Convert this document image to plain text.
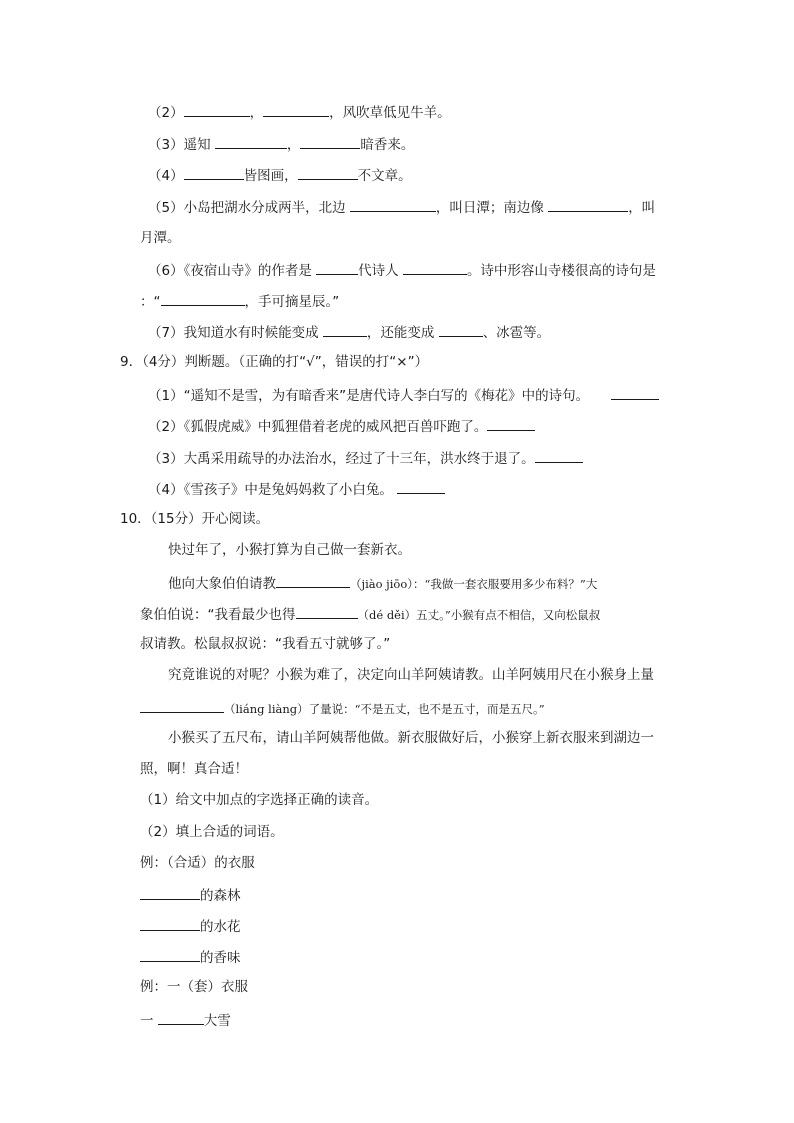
（2）	，	，风吹草低见牛羊。
（3）遥知	，	暗香来。
（4）	皆图画，	不文章。
（5）小岛把湖水分成两半，北边	，叫日潭；南边像	，叫
月潭。
（6）《夜宿山寺》的作者是	代诗人	。诗中形容山寺楼很高的诗句是
：“	，手可摘星辰。”
（7）我知道水有时候能变成	，还能变成	、冰雹等。
9．（4分）判断题。（正确的打“√”，错误的打“×”）
（1）“遥知不是雪，为有暗香来”是唐代诗人李白写的《梅花》中的诗句。
（2）《狐假虎威》中狐狸借着老虎的威风把百兽吓跑了。
（3）大禹采用疏导的办法治水，经过了十三年，洪水终于退了。
（4）《雪孩子》中是兔妈妈救了小白兔。
10．（15分）开心阅读。
快过年了，小猴打算为自己做一套新衣。
他向大象伯伯请教	（jiào jiōo）：“我做一套衣服要用多少布料？”大
象伯伯说：“我看最少也得	（dé děi）五丈。”小猴有点不相信，又向松鼠叔
叔请教。松鼠叔叔说：“我看五寸就够了。”
究竟谁说的对呢？小猴为难了，决定向山羊阿姨请教。山羊阿姨用尺在小猴身上量
（liáng liàng）了量说：“不是五丈，也不是五寸，而是五尺。”
小猴买了五尺布，请山羊阿姨帮他做。新衣服做好后，小猴穿上新衣服来到湖边一
照，啊！真合适！
（1）给文中加点的字选择正确的读音。
（2）填上合适的词语。
例：（合适）的衣服
的森林
的水花
的香味
例：一（套）衣服
一	大雪
